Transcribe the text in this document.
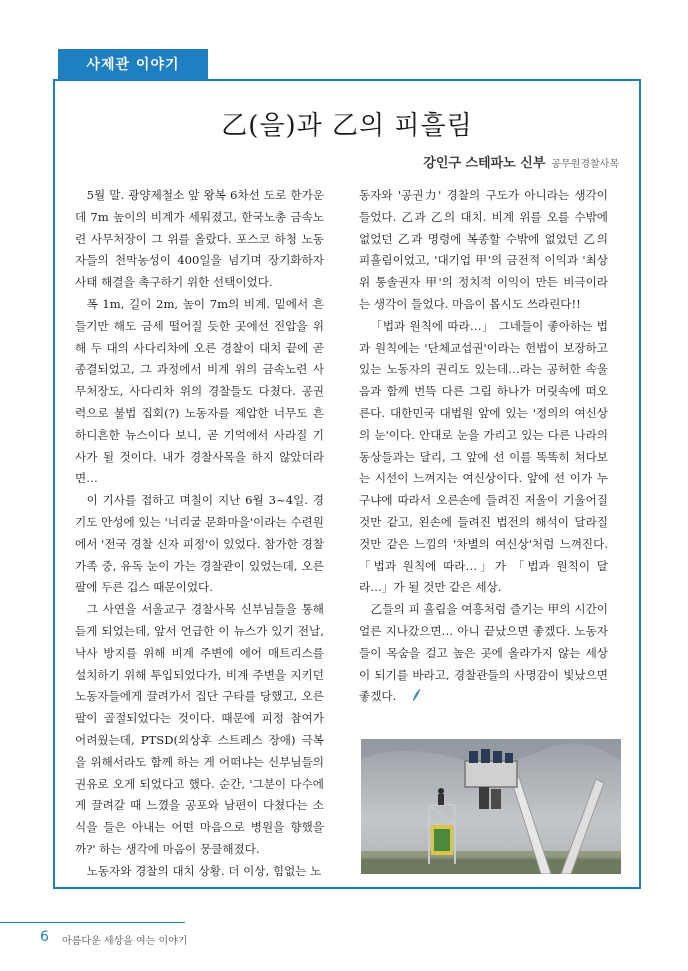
사제관 이야기
乙(을)과 乙의 피흘림
강인구 스테파노 신부 공무원경찰사목

5월 말. 광양제철소 앞 왕복 6차선 도로 한가운데 7m 높이의 비계가 세워졌고, 한국노총 금속노련 사무처장이 그 위를 올랐다. 포스코 하청 노동자들의 천막농성이 400일을 넘기며 장기화하자 사태 해결을 촉구하기 위한 선택이었다.

폭 1m, 길이 2m, 높이 7m의 비계. 밑에서 흔들기만 해도 금세 떨어질 듯한 곳에선 진압을 위해 두 대의 사다리차에 오른 경찰이 대치 끝에 곧 종결되었고, 그 과정에서 비계 위의 금속노련 사무처장도, 사다리차 위의 경찰들도 다쳤다. 공권력으로 불법 집회(?) 노동자를 제압한 너무도 흔하디흔한 뉴스이다 보니, 곧 기억에서 사라질 기사가 될 것이다. 내가 경찰사목을 하지 않았더라면…

이 기사를 접하고 며칠이 지난 6월 3~4일. 경기도 안성에 있는 '너리굴 문화마을'이라는 수련원에서 '전국 경찰 신자 피정'이 있었다. 참가한 경찰 가족 중, 유독 눈이 가는 경찰관이 있었는데, 오른팔에 두른 깁스 때문이었다.

그 사연을 서울교구 경찰사목 신부님들을 통해 듣게 되었는데, 앞서 언급한 이 뉴스가 있기 전날, 낙사 방지를 위해 비계 주변에 에어 매트리스를 설치하기 위해 투입되었다가, 비계 주변을 지키던 노동자들에게 끌려가서 집단 구타를 당했고, 오른팔이 골절되었다는 것이다. 때문에 피정 참여가 어려웠는데, PTSD(외상후 스트레스 장애) 극복을 위해서라도 함께 하는 게 어떠냐는 신부님들의 권유로 오게 되었다고 했다. 순간, '그분이 다수에게 끌려갈 때 느꼈을 공포와 남편이 다쳤다는 소식을 들은 아내는 어떤 마음으로 병원을 향했을까?' 하는 생각에 마음이 뭉클해졌다.

노동자와 경찰의 대치 상황. 더 이상, 힘없는 노

동자와 '공권力' 경찰의 구도가 아니라는 생각이 들었다. 乙과 乙의 대치. 비계 위를 오를 수밖에 없었던 乙과 명령에 복종할 수밖에 없었던 乙의 피흘림이었고, '대기업 甲'의 금전적 이익과 '최상위 통솔권자 甲'의 정치적 이익이 만든 비극이라는 생각이 들었다. 마음이 몹시도 쓰라린다!!

「법과 원칙에 따라…」 그네들이 좋아하는 법과 원칙에는 '단체교섭권'이라는 헌법이 보장하고 있는 노동자의 권리도 있는데…라는 공허한 속울음과 함께 번뜩 다른 그림 하나가 머릿속에 떠오른다. 대한민국 대법원 앞에 있는 '정의의 여신상의 눈'이다. 안대로 눈을 가리고 있는 다른 나라의 동상들과는 달리, 그 앞에 선 이를 똑똑히 쳐다보는 시선이 느껴지는 여신상이다. 앞에 선 이가 누구냐에 따라서 오른손에 들려진 저울이 기울어질 것만 같고, 왼손에 들려진 법전의 해석이 달라질 것만 같은 느낌의 '차별의 여신상'처럼 느껴진다. 「법과 원칙에 따라…」가 「법과 원칙이 달라…」가 될 것만 같은 세상.

乙들의 피 흘림을 여흥처럼 즐기는 甲의 시간이 얼른 지나갔으면… 아니 끝났으면 좋겠다. 노동자들이 목숨을 걸고 높은 곳에 올라가지 않는 세상이 되기를 바라고, 경찰관들의 사명감이 빛났으면 좋겠다.

6 아름다운 세상을 여는 이야기
